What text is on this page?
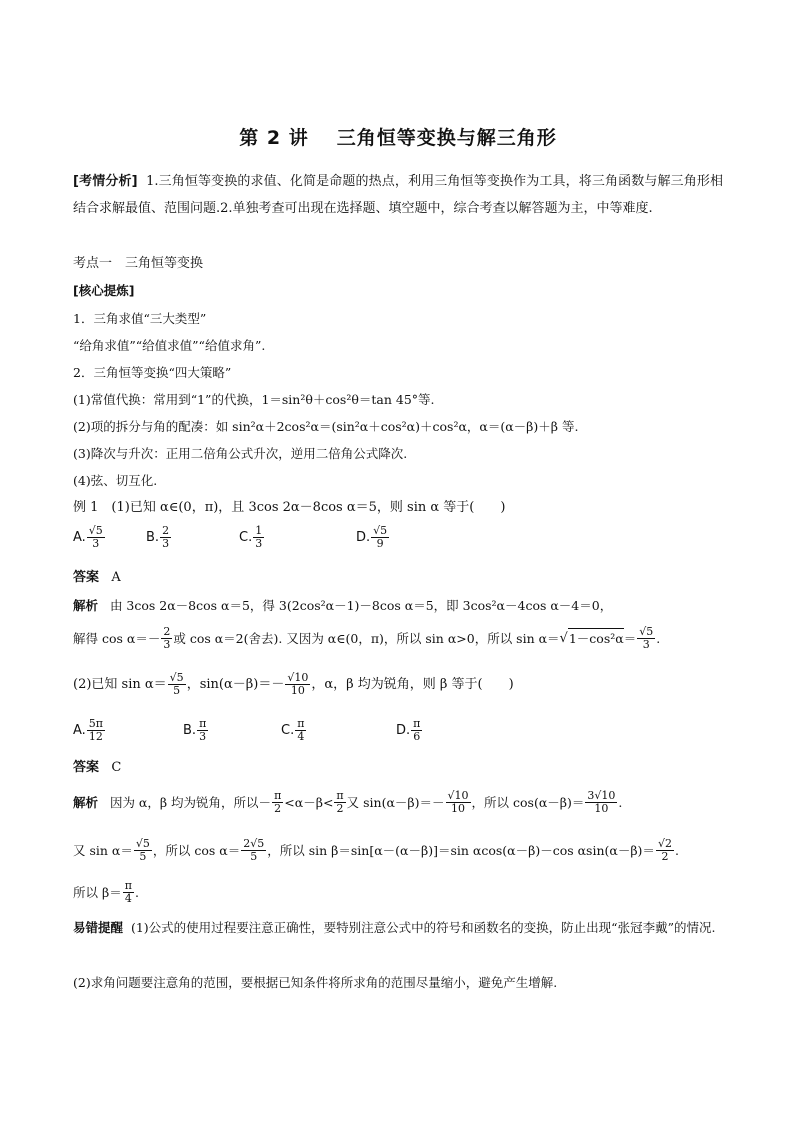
第 2 讲 三角恒等变换与解三角形
[考情分析] 1.三角恒等变换的求值、化简是命题的热点，利用三角恒等变换作为工具，将三角函数与解三角形相结合求解最值、范围问题.2.单独考查可出现在选择题、填空题中，综合考查以解答题为主，中等难度.
考点一　三角恒等变换
[核心提炼]
1．三角求值“三大类型”
“给角求值”“给值求值”“给值求角”.
2．三角恒等变换“四大策略”
(1)常值代换：常用到“1”的代换，1＝sin²θ＋cos²θ＝tan 45°等.
(2)项的拆分与角的配凑：如 sin²α＋2cos²α＝(sin²α＋cos²α)＋cos²α，α＝(α－β)＋β 等.
(3)降次与升次：正用二倍角公式升次，逆用二倍角公式降次.
(4)弦、切互化.
例 1　(1)已知 α∈(0，π)，且 3cos 2α－8cos α＝5，则 sin α 等于(　　)
A. $\frac{√5}{3}$	B. $\frac{2}{3}$	C. $\frac{1}{3}$	D. $\frac{√5}{9}$
答案 A
解析 由 3cos 2α－8cos α＝5，得 3(2cos²α－1)－8cos α＝5，即 3cos²α－4cos α－4＝0，
解得 $\cos \alpha=- \frac{2}{3}$ 或 cos α＝2(舍去). 又因为 α∈(0，π)，所以 sin α>0，所以 sin α＝ √ $1-\cos^2\alpha = \frac{√5}{3}$ .
(2)已知 $\sin \alpha= \frac{√5}{5}$ ，$\sin(\alpha-\beta)=- \frac{√10}{10}$ ，α，β 均为锐角，则 β 等于(　　)
A. $\frac{5\pi}{12}$	B. $\frac{\pi}{3}$	C. $\frac{\pi}{4}$	D. $\frac{\pi}{6}$
答案 C
解析
因为 α，β 均为锐角，所以－ $\frac{\pi}{2} <\alpha-\beta< \frac{\pi}{2}$ 又 $\sin(\alpha-\beta)=- \frac{√10}{10}$ ，所以 $\cos(\alpha-\beta)= \frac{3√10}{10}$ .
又 $\sin \alpha= \frac{√5}{5}$ ，所以 $\cos \alpha= \frac{2√5}{5}$ ，所以 sin β＝sin[α－(α－β)]＝sin αcos(α－β)－cos $\alpha\sin(\alpha-\beta)= \frac{√2}{2}$ .
所以 $\beta= \frac{\pi}{4}$ .
易错提醒 (1)公式的使用过程要注意正确性，要特别注意公式中的符号和函数名的变换，防止出现“张冠李戴”的情况.
(2)求角问题要注意角的范围，要根据已知条件将所求角的范围尽量缩小，避免产生增解.
